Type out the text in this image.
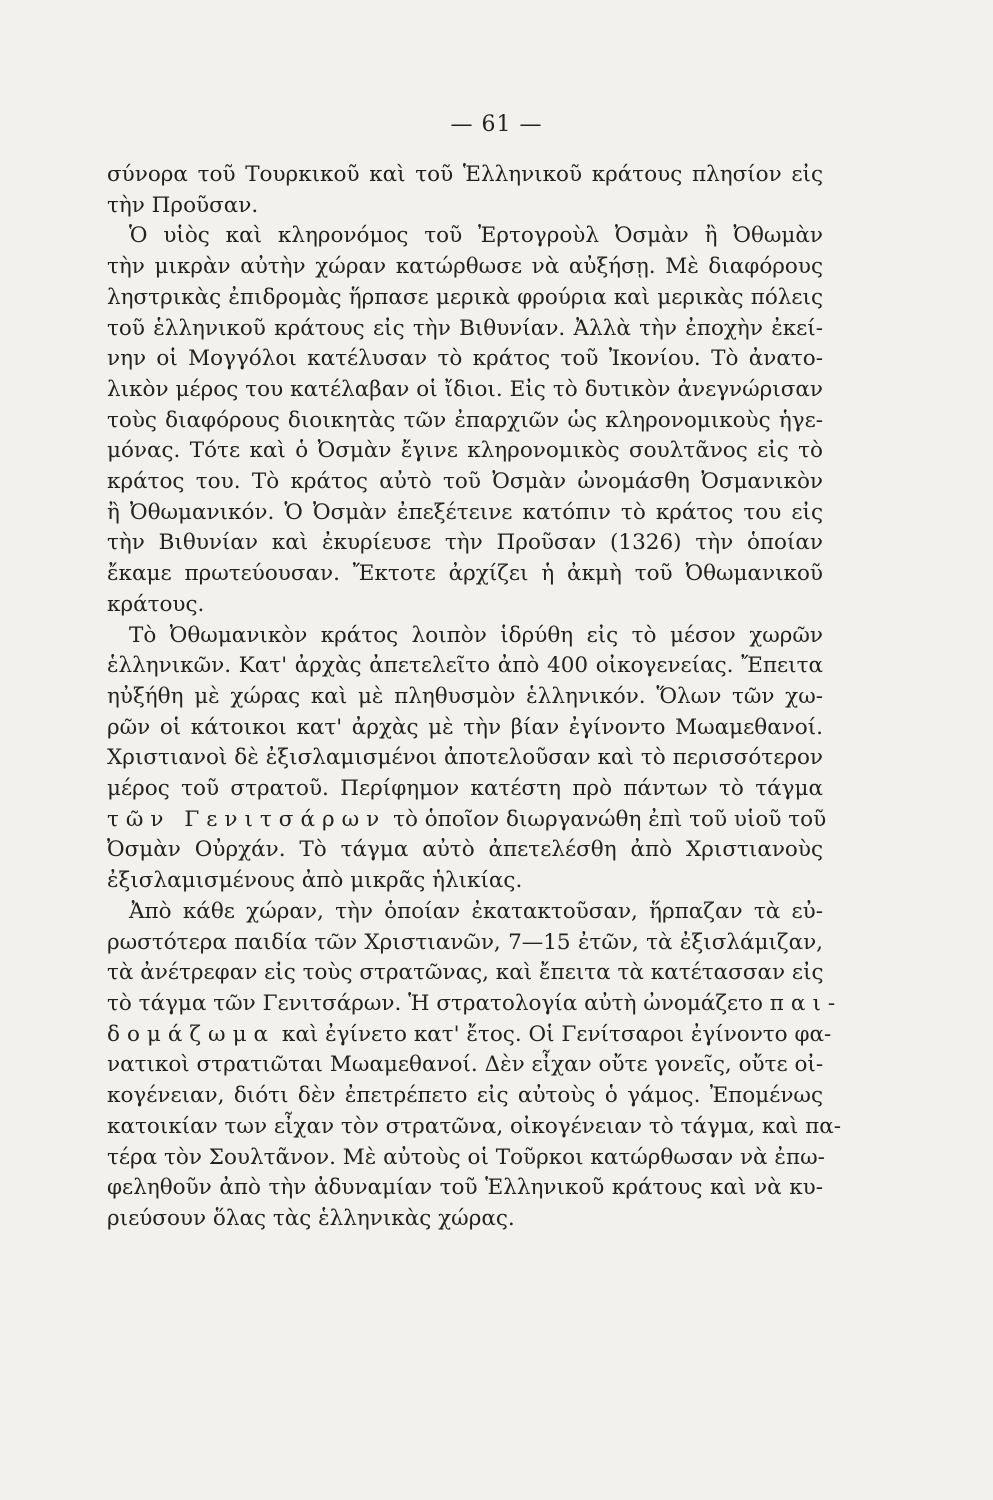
— 61 —
σύνορα τοῦ Τουρκικοῦ καὶ τοῦ Ἑλληνικοῦ κράτους πλησίον εἰς
τὴν Προῦσαν.
Ὁ υἱὸς καὶ κληρονόμος τοῦ Ἐρτογροὺλ Ὀσμὰν ἢ Ὀθωμὰν
τὴν μικρὰν αὐτὴν χώραν κατώρθωσε νὰ αὐξήσῃ. Μὲ διαφόρους
ληστρικὰς ἐπιδρομὰς ἥρπασε μερικὰ φρούρια καὶ μερικὰς πόλεις
τοῦ ἑλληνικοῦ κράτους εἰς τὴν Βιθυνίαν. Ἀλλὰ τὴν ἐποχὴν ἐκεί-
νην οἱ Μογγόλοι κατέλυσαν τὸ κράτος τοῦ Ἰκονίου. Τὸ ἀνατο-
λικὸν μέρος του κατέλαβαν οἱ ἴδιοι. Εἰς τὸ δυτικὸν ἀνεγνώρισαν
τοὺς διαφόρους διοικητὰς τῶν ἐπαρχιῶν ὡς κληρονομικοὺς ἡγε-
μόνας. Τότε καὶ ὁ Ὀσμὰν ἔγινε κληρονομικὸς σουλτᾶνος εἰς τὸ
κράτος του. Τὸ κράτος αὐτὸ τοῦ Ὀσμὰν ὠνομάσθη Ὀσμανικὸν
ἢ Ὀθωμανικόν. Ὁ Ὀσμὰν ἐπεξέτεινε κατόπιν τὸ κράτος του εἰς
τὴν Βιθυνίαν καὶ ἐκυρίευσε τὴν Προῦσαν (1326) τὴν ὁποίαν
ἔκαμε πρωτεύουσαν. Ἔκτοτε ἀρχίζει ἡ ἀκμὴ τοῦ Ὀθωμανικοῦ
κράτους.
Τὸ Ὀθωμανικὸν κράτος λοιπὸν ἱδρύθη εἰς τὸ μέσον χωρῶν
ἑλληνικῶν. Κατ' ἀρχὰς ἀπετελεῖτο ἀπὸ 400 οἰκογενείας. Ἔπειτα
ηὐξήθη μὲ χώρας καὶ μὲ πληθυσμὸν ἑλληνικόν. Ὅλων τῶν χω-
ρῶν οἱ κάτοικοι κατ' ἀρχὰς μὲ τὴν βίαν ἐγίνοντο Μωαμεθανοί.
Χριστιανοὶ δὲ ἐξισλαμισμένοι ἀποτελοῦσαν καὶ τὸ περισσότερον
μέρος τοῦ στρατοῦ. Περίφημον κατέστη πρὸ πάντων τὸ τάγμα
τῶν Γενιτσάρων τὸ ὁποῖον διωργανώθη ἐπὶ τοῦ υἱοῦ τοῦ
Ὀσμὰν Οὐρχάν. Τὸ τάγμα αὐτὸ ἀπετελέσθη ἀπὸ Χριστιανοὺς
ἐξισλαμισμένους ἀπὸ μικρᾶς ἡλικίας.
Ἀπὸ κάθε χώραν, τὴν ὁποίαν ἐκατακτοῦσαν, ἥρπαζαν τὰ εὐ-
ρωστότερα παιδία τῶν Χριστιανῶν, 7—15 ἐτῶν, τὰ ἐξισλάμιζαν,
τὰ ἀνέτρεφαν εἰς τοὺς στρατῶνας, καὶ ἔπειτα τὰ κατέτασσαν εἰς
τὸ τάγμα τῶν Γενιτσάρων. Ἡ στρατολογία αὐτὴ ὠνομάζετο παι-
δομάζωμα καὶ ἐγίνετο κατ' ἔτος. Οἱ Γενίτσαροι ἐγίνοντο φα-
νατικοὶ στρατιῶται Μωαμεθανοί. Δὲν εἶχαν οὔτε γονεῖς, οὔτε οἰ-
κογένειαν, διότι δὲν ἐπετρέπετο εἰς αὐτοὺς ὁ γάμος. Ἐπομένως
κατοικίαν των εἶχαν τὸν στρατῶνα, οἰκογένειαν τὸ τάγμα, καὶ πα-
τέρα τὸν Σουλτᾶνον. Μὲ αὐτοὺς οἱ Τοῦρκοι κατώρθωσαν νὰ ἐπω-
φεληθοῦν ἀπὸ τὴν ἀδυναμίαν τοῦ Ἑλληνικοῦ κράτους καὶ νὰ κυ-
ριεύσουν ὅλας τὰς ἑλληνικὰς χώρας.
